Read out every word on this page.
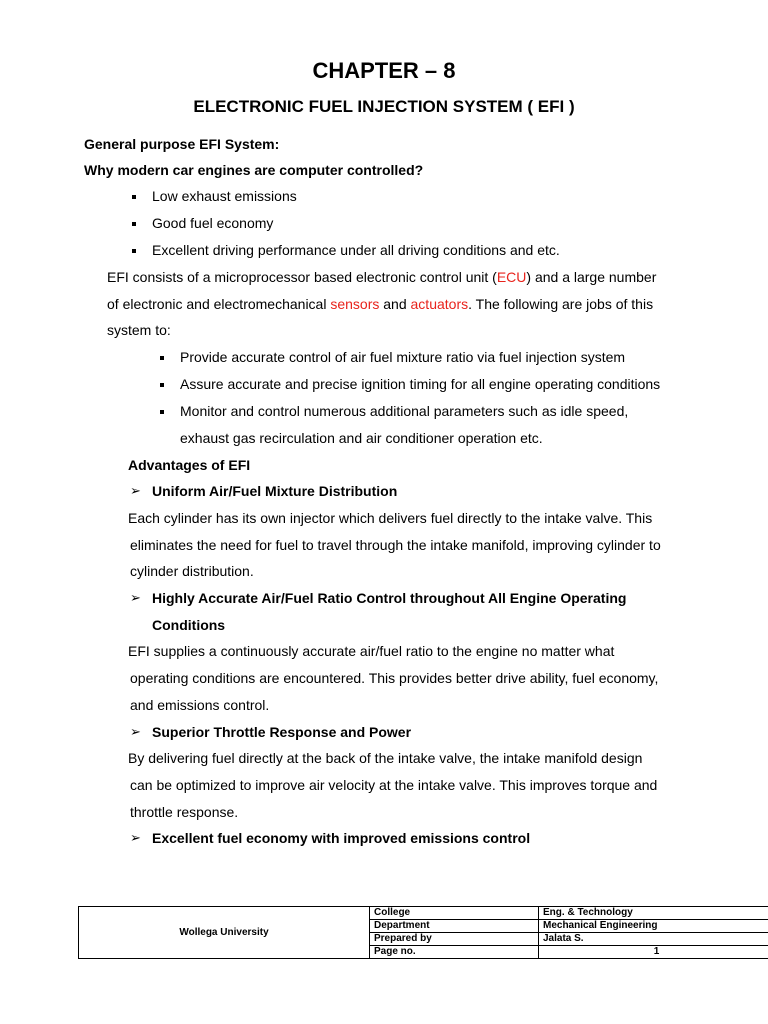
CHAPTER – 8
ELECTRONIC FUEL INJECTION SYSTEM ( EFI )
General purpose EFI System:
Why modern car engines are computer controlled?
Low exhaust emissions
Good fuel economy
Excellent driving performance under all driving conditions and etc.
EFI consists of a microprocessor based electronic control unit (ECU) and a large number
of electronic and electromechanical sensors and actuators. The following are jobs of this
system to:
Provide accurate control of air fuel mixture ratio via fuel injection system
Assure accurate and precise ignition timing for all engine operating conditions
Monitor and control numerous additional parameters such as idle speed,
exhaust gas recirculation and air conditioner operation etc.
Advantages of EFI
➢ Uniform Air/Fuel Mixture Distribution
Each cylinder has its own injector which delivers fuel directly to the intake valve. This
eliminates the need for fuel to travel through the intake manifold, improving cylinder to
cylinder distribution.
➢ Highly Accurate Air/Fuel Ratio Control throughout All Engine Operating
Conditions
EFI supplies a continuously accurate air/fuel ratio to the engine no matter what
operating conditions are encountered. This provides better drive ability, fuel economy,
and emissions control.
➢ Superior Throttle Response and Power
By delivering fuel directly at the back of the intake valve, the intake manifold design
can be optimized to improve air velocity at the intake valve. This improves torque and
throttle response.
➢ Excellent fuel economy with improved emissions control
Wollega University	College	Eng. & Technology
	Department	Mechanical Engineering
	Prepared by	Jalata S.
	Page no.	1
